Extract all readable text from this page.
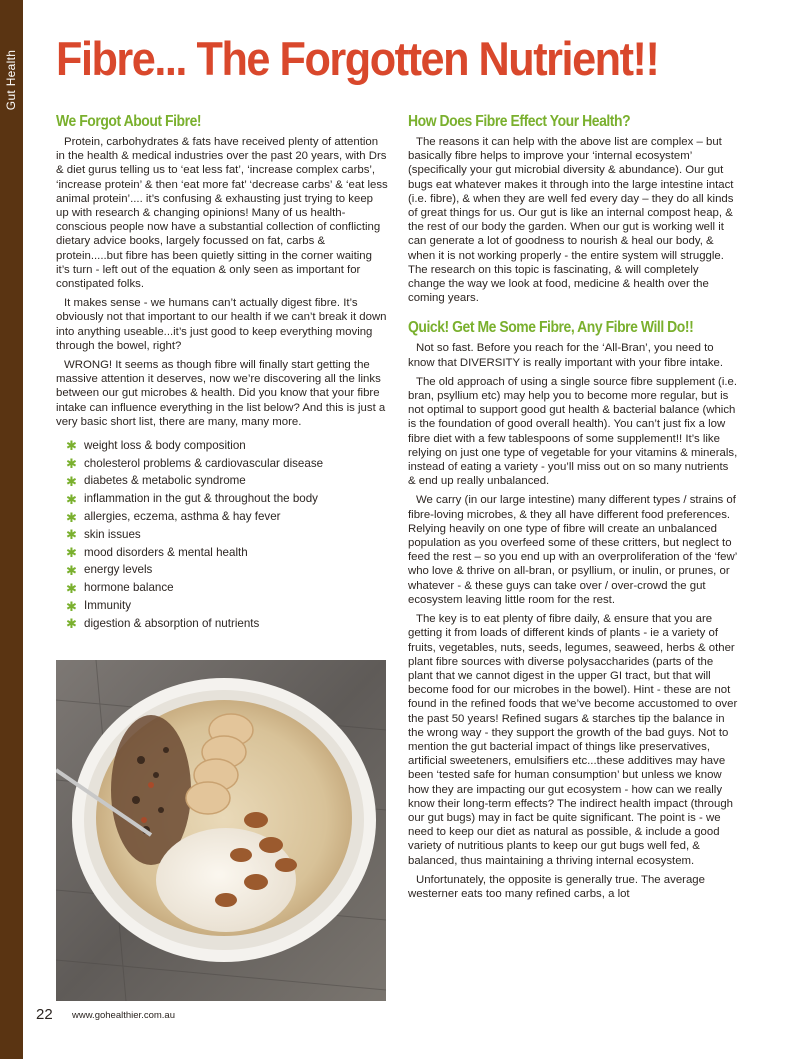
Gut Health Fibre... The Forgotten Nutrient!!
We Forgot About Fibre!

Protein, carbohydrates & fats have received plenty of attention in the health & medical industries over the past 20 years, with Drs & diet gurus telling us to ‘eat less fat’, ‘increase complex carbs’, ‘increase protein’ & then ‘eat more fat’ ‘decrease carbs’ & ‘eat less animal protein’.... it’s confusing & exhausting just trying to keep up with research & changing opinions! Many of us health-conscious people now have a substantial collection of conflicting dietary advice books, largely focussed on fat, carbs & protein.....but fibre has been quietly sitting in the corner waiting it’s turn - left out of the equation & only seen as important for constipated folks.

It makes sense - we humans can’t actually digest fibre. It’s obviously not that important to our health if we can’t break it down into anything useable...it’s just good to keep everything moving through the bowel, right?

WRONG! It seems as though fibre will finally start getting the massive attention it deserves, now we’re discovering all the links between our gut microbes & health. Did you know that your fibre intake can influence everything in the list below? And this is just a very basic short list, there are many, many more.

✱ weight loss & body composition
✱ cholesterol problems & cardiovascular disease
✱ diabetes & metabolic syndrome
✱ inflammation in the gut & throughout the body
✱ allergies, eczema, asthma & hay fever
✱ skin issues
✱ mood disorders & mental health
✱ energy levels
✱ hormone balance
✱ Immunity
✱ digestion & absorption of nutrients
How Does Fibre Effect Your Health?

The reasons it can help with the above list are complex – but basically fibre helps to improve your ‘internal ecosystem’ (specifically your gut microbial diversity & abundance). Our gut bugs eat whatever makes it through into the large intestine intact (i.e. fibre), & when they are well fed every day – they do all kinds of great things for us. Our gut is like an internal compost heap, & the rest of our body the garden. When our gut is working well it can generate a lot of goodness to nourish & heal our body, & when it is not working properly - the entire system will struggle. The research on this topic is fascinating, & will completely change the way we look at food, medicine & health over the coming years.

Quick! Get Me Some Fibre, Any Fibre Will Do!!

Not so fast. Before you reach for the ‘All-Bran’, you need to know that DIVERSITY is really important with your fibre intake.

The old approach of using a single source fibre supplement (i.e. bran, psyllium etc) may help you to become more regular, but is not optimal to support good gut health & bacterial balance (which is the foundation of good overall health). You can’t just fix a low fibre diet with a few tablespoons of some supplement!! It’s like relying on just one type of vegetable for your vitamins & minerals, instead of eating a variety - you’ll miss out on so many nutrients & end up really unbalanced.

We carry (in our large intestine) many different types / strains of fibre-loving microbes, & they all have different food preferences. Relying heavily on one type of fibre will create an unbalanced population as you overfeed some of these critters, but neglect to feed the rest – so you end up with an overproliferation of the ‘few’ who love & thrive on all-bran, or psyllium, or inulin, or prunes, or whatever - & these guys can take over / over-crowd the gut ecosystem leaving little room for the rest.

The key is to eat plenty of fibre daily, & ensure that you are getting it from loads of different kinds of plants - ie a variety of fruits, vegetables, nuts, seeds, legumes, seaweed, herbs & other plant fibre sources with diverse polysaccharides (parts of the plant that we cannot digest in the upper GI tract, but that will become food for our microbes in the bowel). Hint - these are not found in the refined foods that we’ve become accustomed to over the past 50 years! Refined sugars & starches tip the balance in the wrong way - they support the growth of the bad guys. Not to mention the gut bacterial impact of things like preservatives, artificial sweeteners, emulsifiers etc...these additives may have been ‘tested safe for human consumption’ but unless we know how they are impacting our gut ecosystem - how can we really know their long-term effects? The indirect health impact (through our gut bugs) may in fact be quite significant. The point is - we need to keep our diet as natural as possible, & include a good variety of nutritious plants to keep our gut bugs well fed, & balanced, thus maintaining a thriving internal ecosystem.

Unfortunately, the opposite is generally true. The average westerner eats too many refined carbs, a lot

22 www.gohealthier.com.au
